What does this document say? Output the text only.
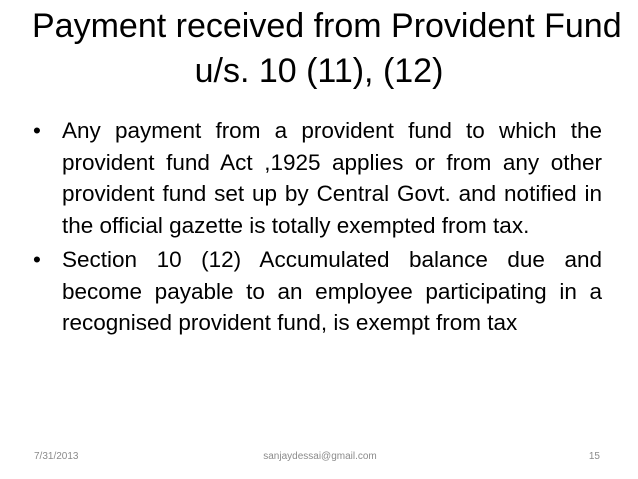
Payment received from Provident Fund
u/s. 10 (11), (12)
• Any payment from a provident fund to which the provident fund Act ,1925 applies or from any other provident fund set up by Central Govt. and notified in the official gazette is totally exempted from tax.
• Section 10 (12) Accumulated balance due and become payable to an employee participating in a recognised provident fund, is exempt from tax
7/31/2013	sanjaydessai@gmail.com	15
